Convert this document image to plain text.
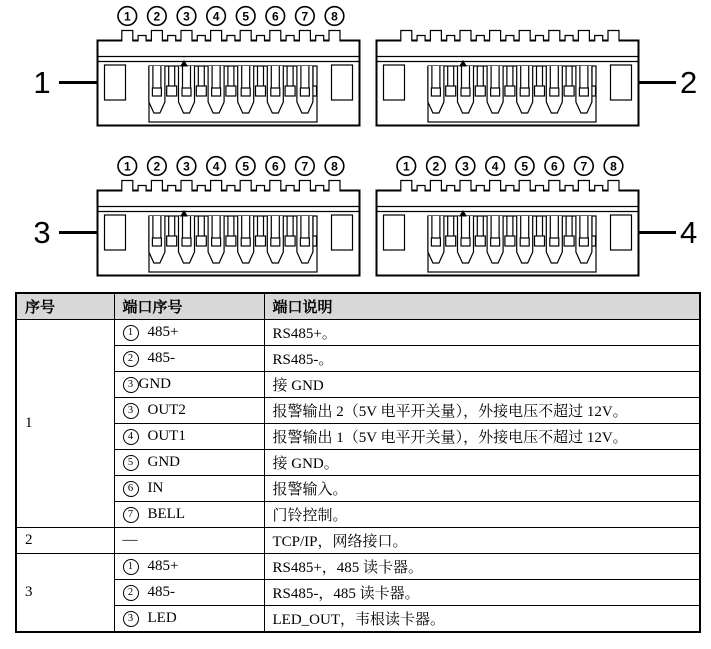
1 2 3 4 5 6 7 8
1	2
1 2 3 4 5 6 7 8
3
1 2 3 4 5 6 7 8
4
序号	端口序号	端口说明
1	1 485+	RS485+。
	2 485-	RS485-。
	3 GND	接 GND
	3 OUT2	报警输出 2（5V 电平开关量），外接电压不超过 12V。
	4 OUT1	报警输出 1（5V 电平开关量），外接电压不超过 12V。
	5 GND	接 GND。
	6 IN	报警输入。
	7 BELL	门铃控制。
2	—	TCP/IP，网络接口。
3	1 485+	RS485+，485 读卡器。
	2 485-	RS485-，485 读卡器。
	3 LED	LED_OUT，韦根读卡器。
